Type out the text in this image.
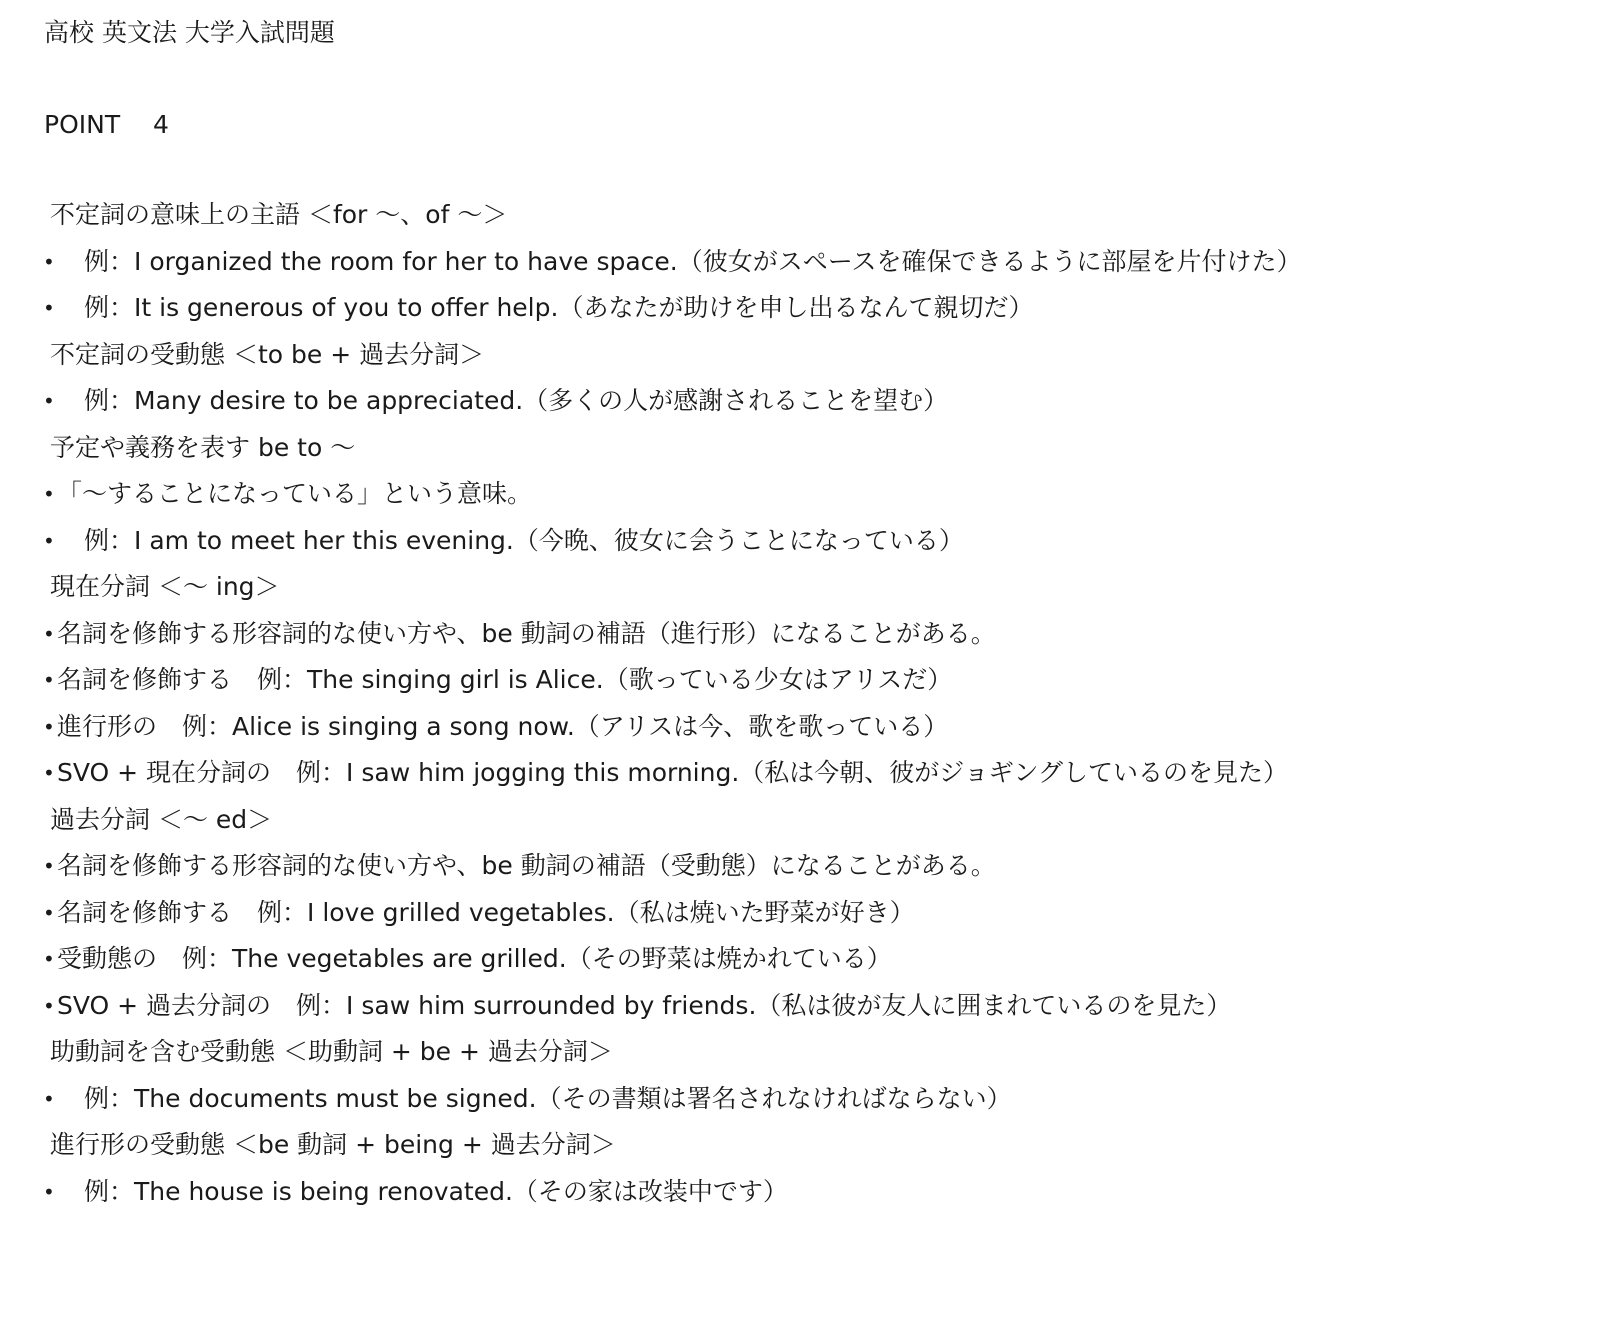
高校 英文法 大学入試問題
POINT　 4
不定詞の意味上の主語 ＜for 〜、of 〜＞
• 例：I organized the room for her to have space.（彼女がスペースを確保できるように部屋を片付けた）
• 例：It is generous of you to offer help.（あなたが助けを申し出るなんて親切だ）
不定詞の受動態 ＜to be + 過去分詞＞
• 例：Many desire to be appreciated.（多くの人が感謝されることを望む）
予定や義務を表す be to 〜
• 「〜することになっている」という意味。
• 例：I am to meet her this evening.（今晩、彼女に会うことになっている）
現在分詞 ＜〜 ing＞
• 名詞を修飾する形容詞的な使い方や、be 動詞の補語（進行形）になることがある。
• 名詞を修飾する　例：The singing girl is Alice.（歌っている少女はアリスだ）
• 進行形の　例：Alice is singing a song now.（アリスは今、歌を歌っている）
• SVO + 現在分詞の　例：I saw him jogging this morning.（私は今朝、彼がジョギングしているのを見た）
過去分詞 ＜〜 ed＞
• 名詞を修飾する形容詞的な使い方や、be 動詞の補語（受動態）になることがある。
• 名詞を修飾する　例：I love grilled vegetables.（私は焼いた野菜が好き）
• 受動態の　例：The vegetables are grilled.（その野菜は焼かれている）
• SVO + 過去分詞の　例：I saw him surrounded by friends.（私は彼が友人に囲まれているのを見た）
助動詞を含む受動態 ＜助動詞 + be + 過去分詞＞
• 例：The documents must be signed.（その書類は署名されなければならない）
進行形の受動態 ＜be 動詞 + being + 過去分詞＞
• 例：The house is being renovated.（その家は改装中です）
